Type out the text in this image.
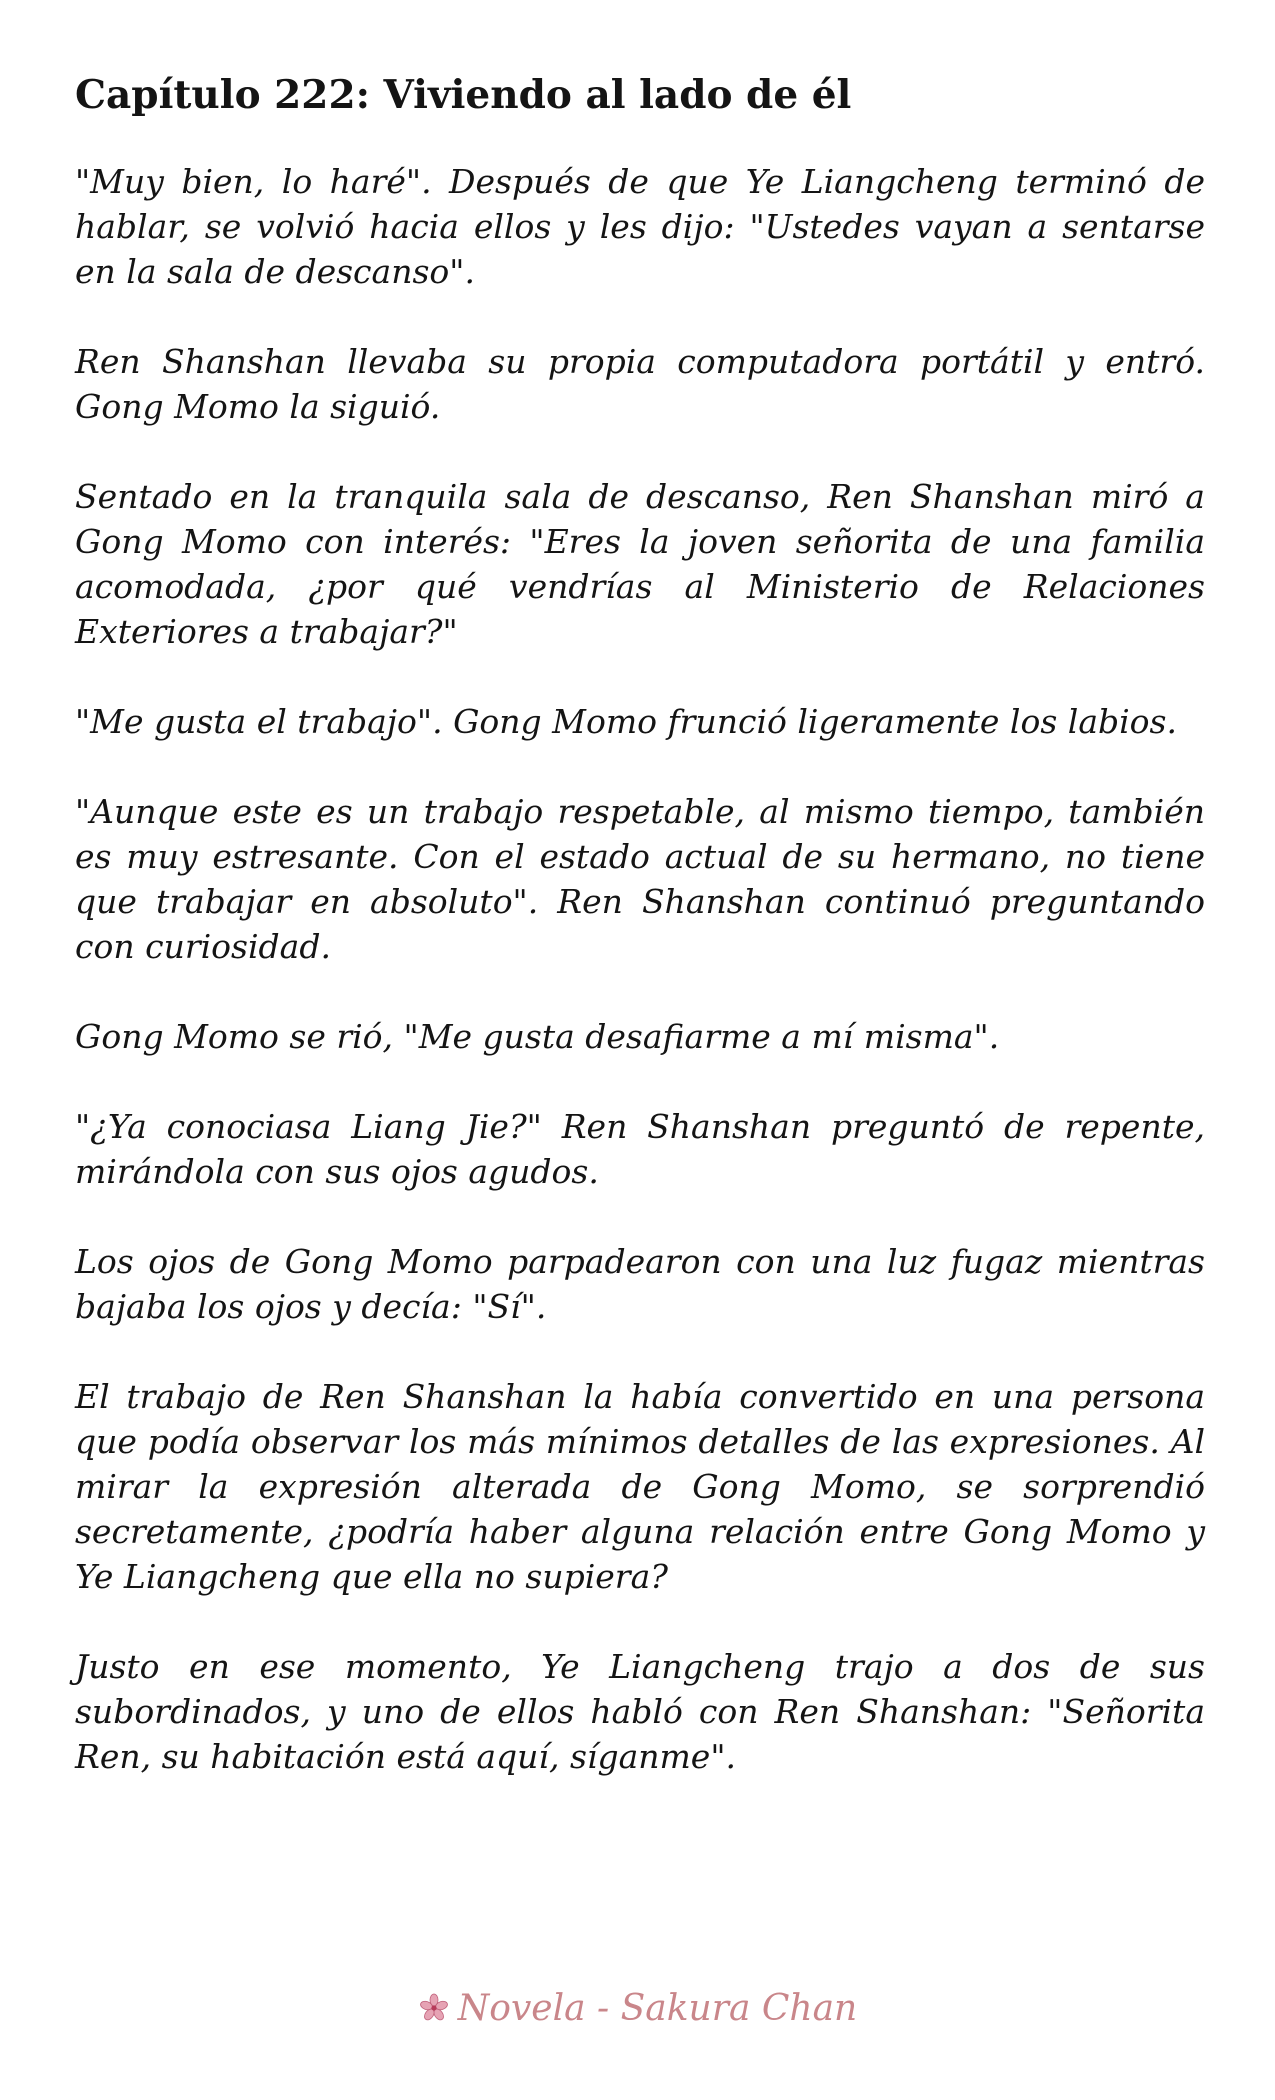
Capítulo 222: Viviendo al lado de él

"Muy bien, lo haré". Después de que Ye Liangcheng terminó de hablar, se volvió hacia ellos y les dijo: "Ustedes vayan a sentarse en la sala de descanso".

Ren Shanshan llevaba su propia computadora portátil y entró. Gong Momo la siguió.

Sentado en la tranquila sala de descanso, Ren Shanshan miró a Gong Momo con interés: "Eres la joven señorita de una familia acomodada, ¿por qué vendrías al Ministerio de Relaciones Exteriores a trabajar?"

"Me gusta el trabajo". Gong Momo frunció ligeramente los labios.

"Aunque este es un trabajo respetable, al mismo tiempo, también es muy estresante. Con el estado actual de su hermano, no tiene que trabajar en absoluto". Ren Shanshan continuó preguntando con curiosidad.

Gong Momo se rió, "Me gusta desafiarme a mí misma".

"¿Ya conociasa Liang Jie?" Ren Shanshan preguntó de repente, mirándola con sus ojos agudos.

Los ojos de Gong Momo parpadearon con una luz fugaz mientras bajaba los ojos y decía: "Sí".

El trabajo de Ren Shanshan la había convertido en una persona que podía observar los más mínimos detalles de las expresiones. Al mirar la expresión alterada de Gong Momo, se sorprendió secretamente, ¿podría haber alguna relación entre Gong Momo y Ye Liangcheng que ella no supiera?

Justo en ese momento, Ye Liangcheng trajo a dos de sus subordinados, y uno de ellos habló con Ren Shanshan: "Señorita Ren, su habitación está aquí, síganme".

Novela - Sakura Chan
